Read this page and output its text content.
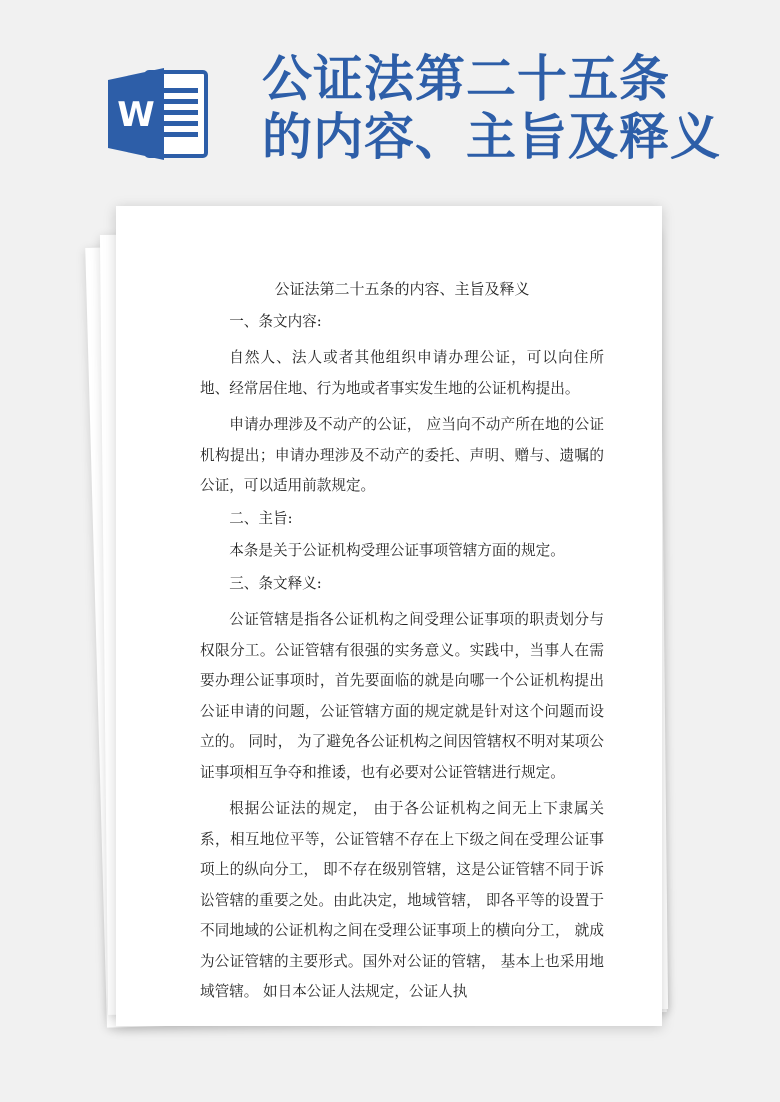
W
公证法第二十五条
的内容、主旨及释义
公证法第二十五条的内容、主旨及释义

一、条文内容:

自然人、法人或者其他组织申请办理公证，可以向住所地、经常居住地、行为地或者事实发生地的公证机构提出。

申请办理涉及不动产的公证， 应当向不动产所在地的公证机构提出；申请办理涉及不动产的委托、声明、赠与、遗嘱的公证，可以适用前款规定。

二、主旨:

本条是关于公证机构受理公证事项管辖方面的规定。

三、条文释义:

公证管辖是指各公证机构之间受理公证事项的职责划分与权限分工。公证管辖有很强的实务意义。实践中，当事人在需要办理公证事项时，首先要面临的就是向哪一个公证机构提出公证申请的问题，公证管辖方面的规定就是针对这个问题而设立的。 同时， 为了避免各公证机构之间因管辖权不明对某项公证事项相互争夺和推诿，也有必要对公证管辖进行规定。

根据公证法的规定， 由于各公证机构之间无上下隶属关系，相互地位平等，公证管辖不存在上下级之间在受理公证事项上的纵向分工， 即不存在级别管辖，这是公证管辖不同于诉讼管辖的重要之处。由此决定，地域管辖， 即各平等的设置于不同地域的公证机构之间在受理公证事项上的横向分工， 就成为公证管辖的主要形式。国外对公证的管辖， 基本上也采用地域管辖。 如日本公证人法规定，公证人执
